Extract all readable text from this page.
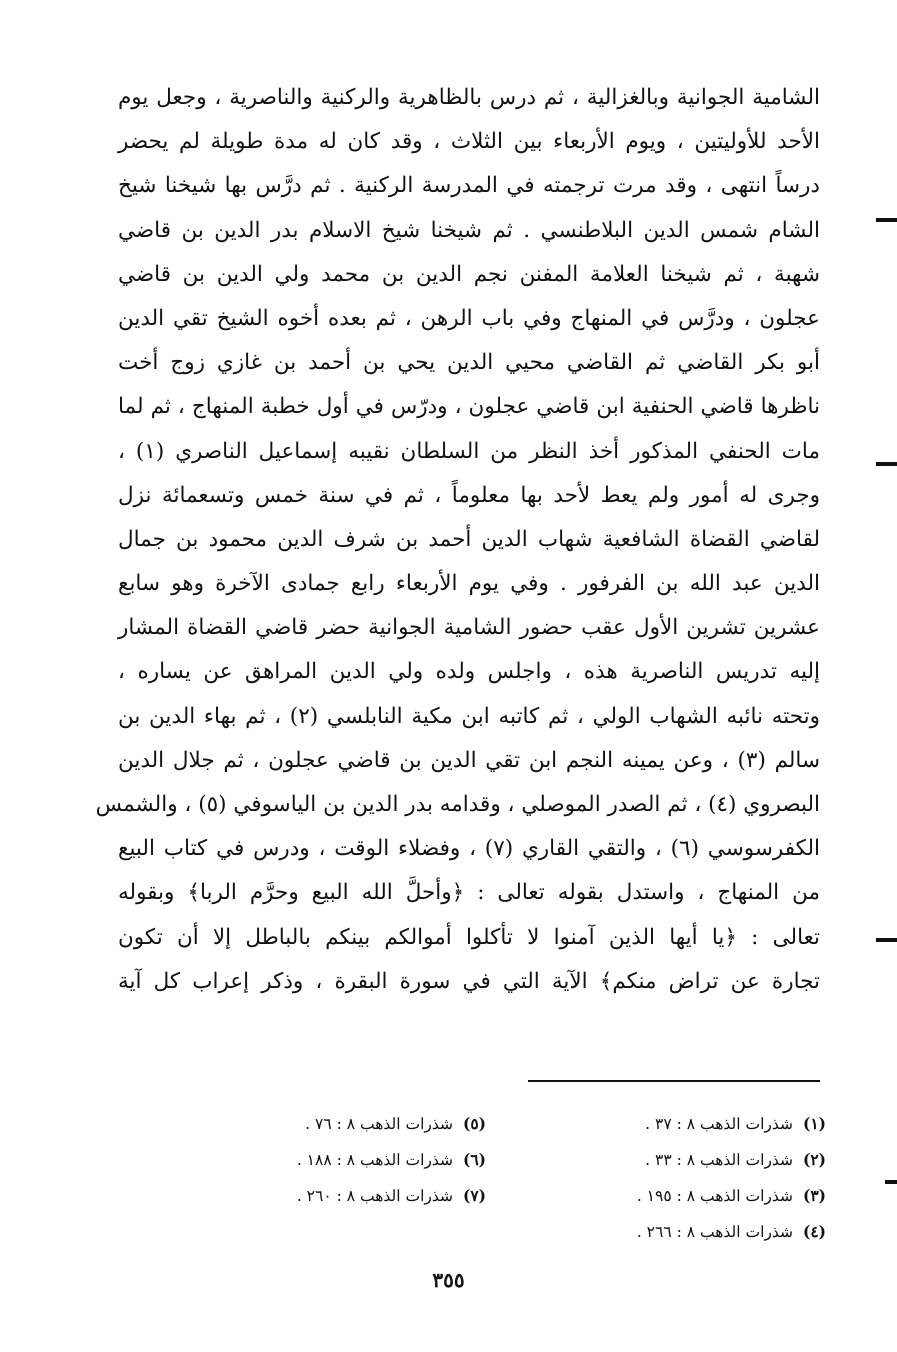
الشامية الجوانية وبالغزالية ، ثم درس بالظاهرية والركنية والناصرية ، وجعل يوم
الأحد للأوليتين ، ويوم الأربعاء بين الثلاث ، وقد كان له مدة طويلة لم يحضر
درساً انتهى ، وقد مرت ترجمته في المدرسة الركنية . ثم درَّس بها شيخنا شيخ
الشام شمس الدين البلاطنسي . ثم شيخنا شيخ الاسلام بدر الدين بن قاضي
شهبة ، ثم شيخنا العلامة المفنن نجم الدين بن محمد ولي الدين بن قاضي
عجلون ، ودرَّس في المنهاج وفي باب الرهن ، ثم بعده أخوه الشيخ تقي الدين
أبو بكر القاضي ثم القاضي محيي الدين يحي بن أحمد بن غازي زوج أخت
ناظرها قاضي الحنفية ابن قاضي عجلون ، ودرّس في أول خطبة المنهاج ، ثم لما
مات الحنفي المذكور أخذ النظر من السلطان نقيبه إسماعيل الناصري (١) ،
وجرى له أمور ولم يعط لأحد بها معلوماً ، ثم في سنة خمس وتسعمائة نزل
لقاضي القضاة الشافعية شهاب الدين أحمد بن شرف الدين محمود بن جمال
الدين عبد الله بن الفرفور . وفي يوم الأربعاء رابع جمادى الآخرة وهو سابع
عشرين تشرين الأول عقب حضور الشامية الجوانية حضر قاضي القضاة المشار
إليه تدريس الناصرية هذه ، واجلس ولده ولي الدين المراهق عن يساره ،
وتحته نائبه الشهاب الولي ، ثم كاتبه ابن مكية النابلسي (٢) ، ثم بهاء الدين بن
سالم (٣) ، وعن يمينه النجم ابن تقي الدين بن قاضي عجلون ، ثم جلال الدين
البصروي (٤) ، ثم الصدر الموصلي ، وقدامه بدر الدين بن الياسوفي (٥) ، والشمس
الكفرسوسي (٦) ، والتقي القاري (٧) ، وفضلاء الوقت ، ودرس في كتاب البيع
من المنهاج ، واستدل بقوله تعالى : ﴿وأحلَّ الله البيع وحرَّم الربا﴾ وبقوله
تعالى : ﴿يا أيها الذين آمنوا لا تأكلوا أموالكم بينكم بالباطل إلا أن تكون
تجارة عن تراض منكم﴾ الآية التي في سورة البقرة ، وذكر إعراب كل آية
(١)شذرات الذهب ٨ : ٣٧ .
(٢)شذرات الذهب ٨ : ٣٣ .
(٣)شذرات الذهب ٨ : ١٩٥ .
(٤)شذرات الذهب ٨ : ٢٦٦ .
(٥)شذرات الذهب ٨ : ٧٦ .
(٦)شذرات الذهب ٨ : ١٨٨ .
(٧)شذرات الذهب ٨ : ٢٦٠ .
٣٥٥
